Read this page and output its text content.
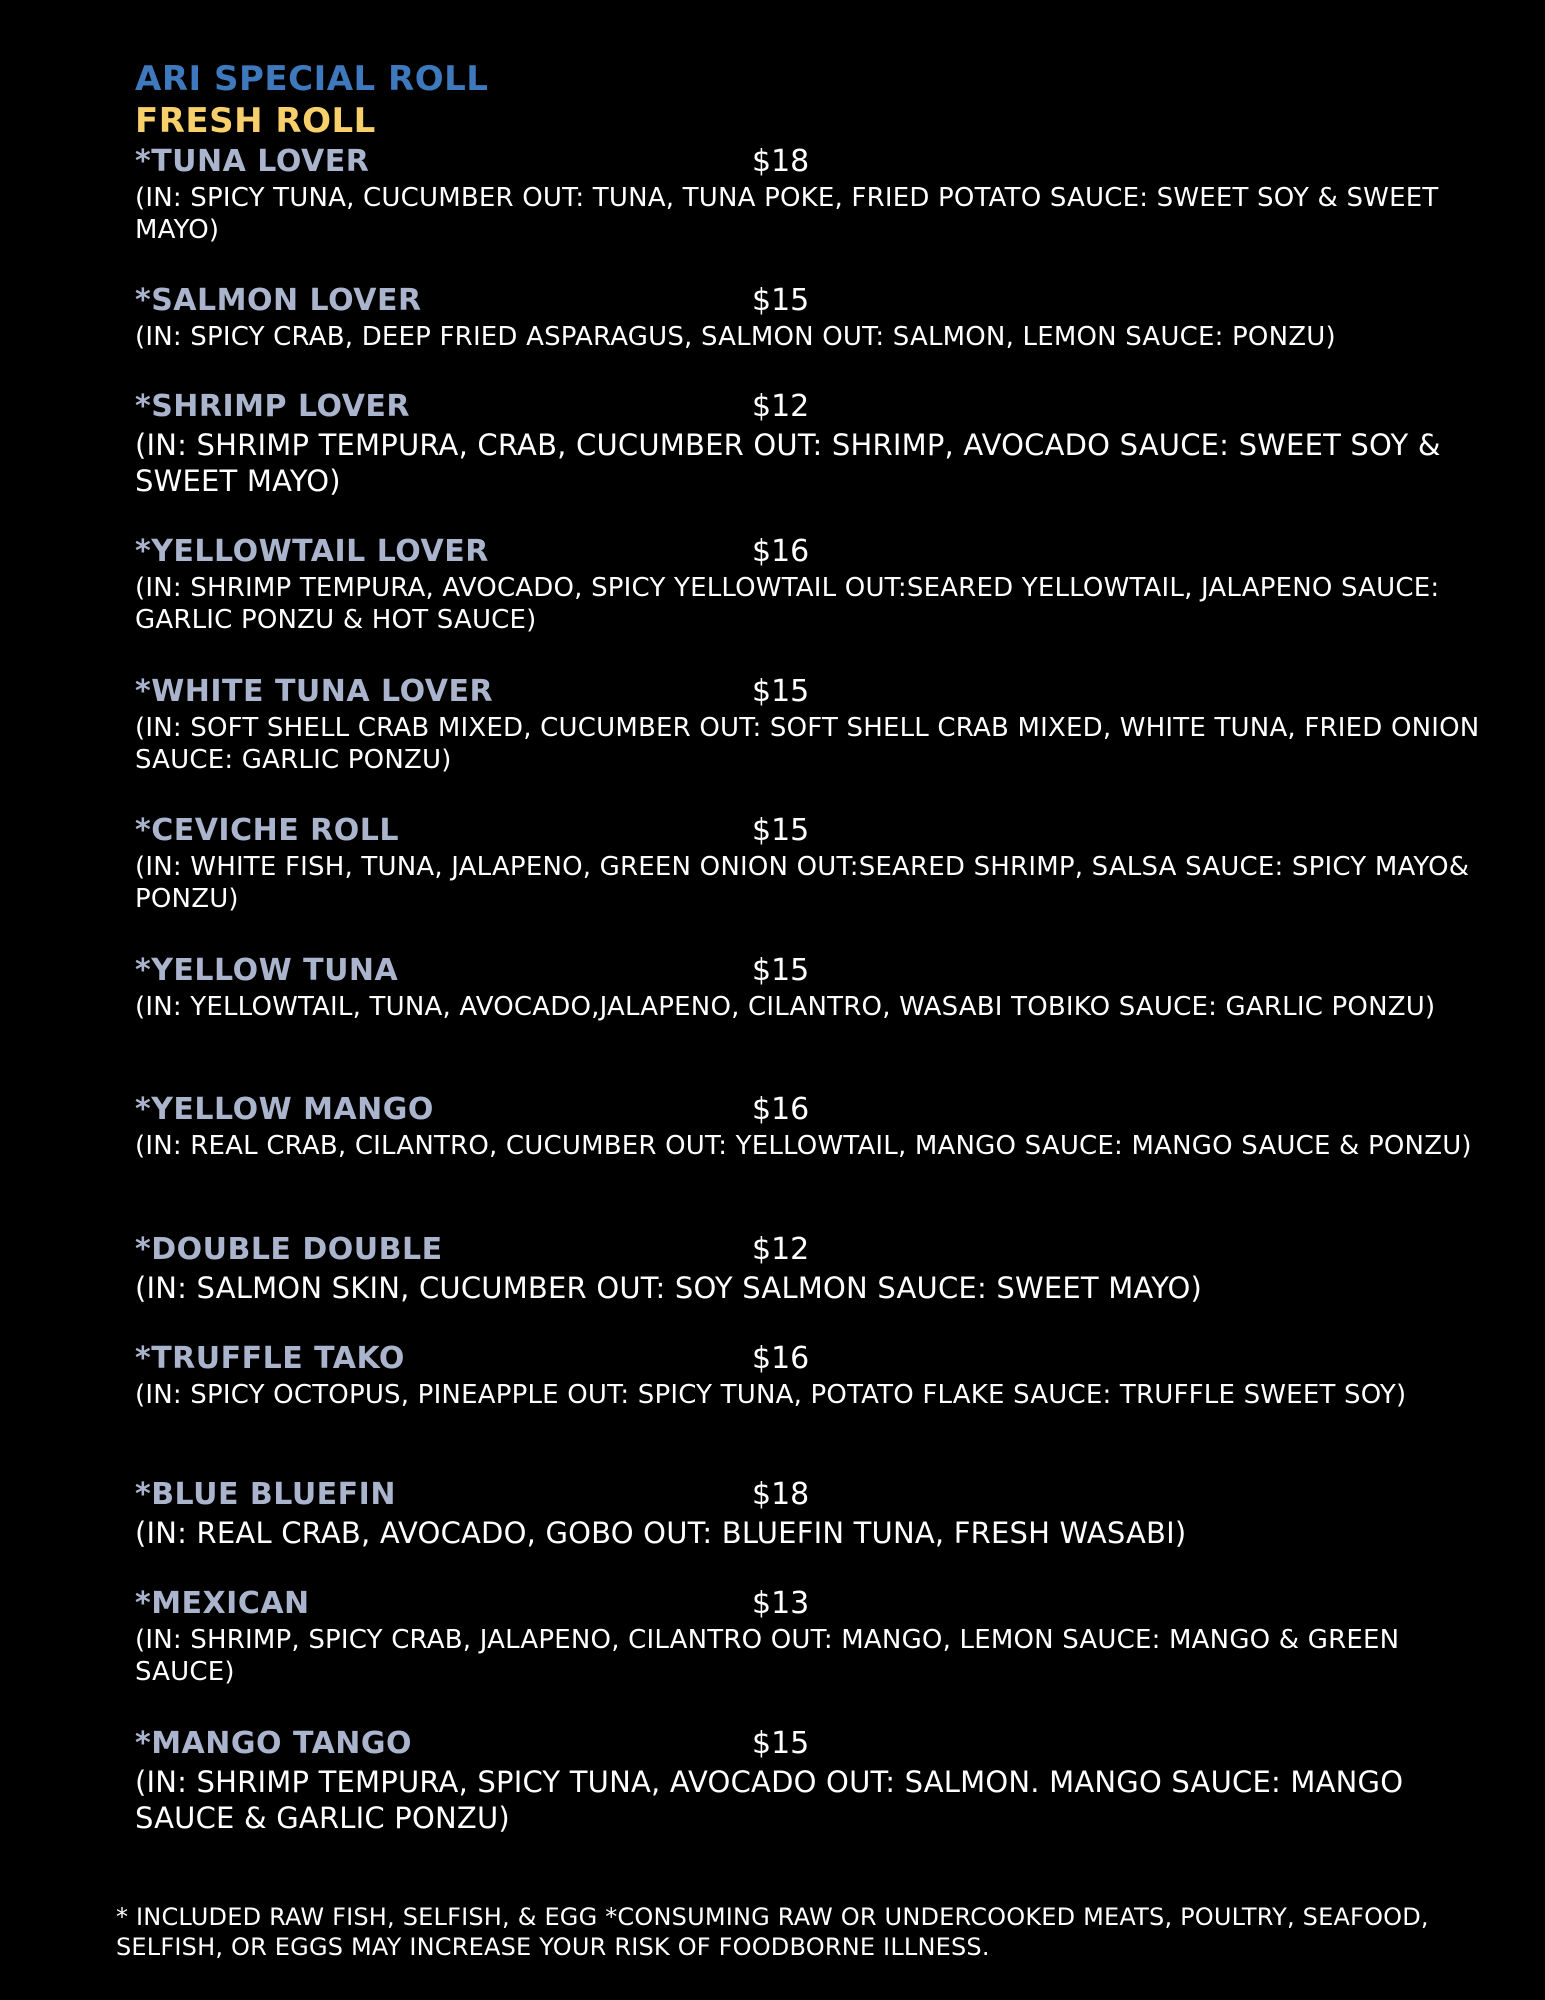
ARI SPECIAL ROLL
FRESH ROLL
*TUNA LOVER	$18
(IN: SPICY TUNA, CUCUMBER OUT: TUNA, TUNA POKE, FRIED POTATO SAUCE: SWEET SOY & SWEET MAYO)
*SALMON LOVER	$15
(IN: SPICY CRAB, DEEP FRIED ASPARAGUS, SALMON OUT: SALMON, LEMON SAUCE: PONZU)
*SHRIMP LOVER	$12
(IN: SHRIMP TEMPURA, CRAB, CUCUMBER OUT: SHRIMP, AVOCADO SAUCE: SWEET SOY & SWEET MAYO)
*YELLOWTAIL LOVER	$16
(IN: SHRIMP TEMPURA, AVOCADO, SPICY YELLOWTAIL OUT:SEARED YELLOWTAIL, JALAPENO SAUCE: GARLIC PONZU & HOT SAUCE)
*WHITE TUNA LOVER	$15
(IN: SOFT SHELL CRAB MIXED, CUCUMBER OUT: SOFT SHELL CRAB MIXED, WHITE TUNA, FRIED ONION SAUCE: GARLIC PONZU)
*CEVICHE ROLL	$15
(IN: WHITE FISH, TUNA, JALAPENO, GREEN ONION OUT:SEARED SHRIMP, SALSA SAUCE: SPICY MAYO& PONZU)
*YELLOW TUNA	$15
(IN: YELLOWTAIL, TUNA, AVOCADO,JALAPENO, CILANTRO, WASABI TOBIKO SAUCE: GARLIC PONZU)
*YELLOW MANGO	$16
(IN: REAL CRAB, CILANTRO, CUCUMBER OUT: YELLOWTAIL, MANGO SAUCE: MANGO SAUCE & PONZU)
*DOUBLE DOUBLE	$12
(IN: SALMON SKIN, CUCUMBER OUT: SOY SALMON SAUCE: SWEET MAYO)
*TRUFFLE TAKO	$16
(IN: SPICY OCTOPUS, PINEAPPLE OUT: SPICY TUNA, POTATO FLAKE SAUCE: TRUFFLE SWEET SOY)
*BLUE BLUEFIN	$18
(IN: REAL CRAB, AVOCADO, GOBO OUT: BLUEFIN TUNA, FRESH WASABI)
*MEXICAN	$13
(IN: SHRIMP, SPICY CRAB, JALAPENO, CILANTRO OUT: MANGO, LEMON SAUCE: MANGO & GREEN SAUCE)
*MANGO TANGO	$15
(IN: SHRIMP TEMPURA, SPICY TUNA, AVOCADO OUT: SALMON. MANGO SAUCE: MANGO SAUCE & GARLIC PONZU)
* INCLUDED RAW FISH, SELFISH, & EGG *CONSUMING RAW OR UNDERCOOKED MEATS, POULTRY, SEAFOOD, SELFISH, OR EGGS MAY INCREASE YOUR RISK OF FOODBORNE ILLNESS.
